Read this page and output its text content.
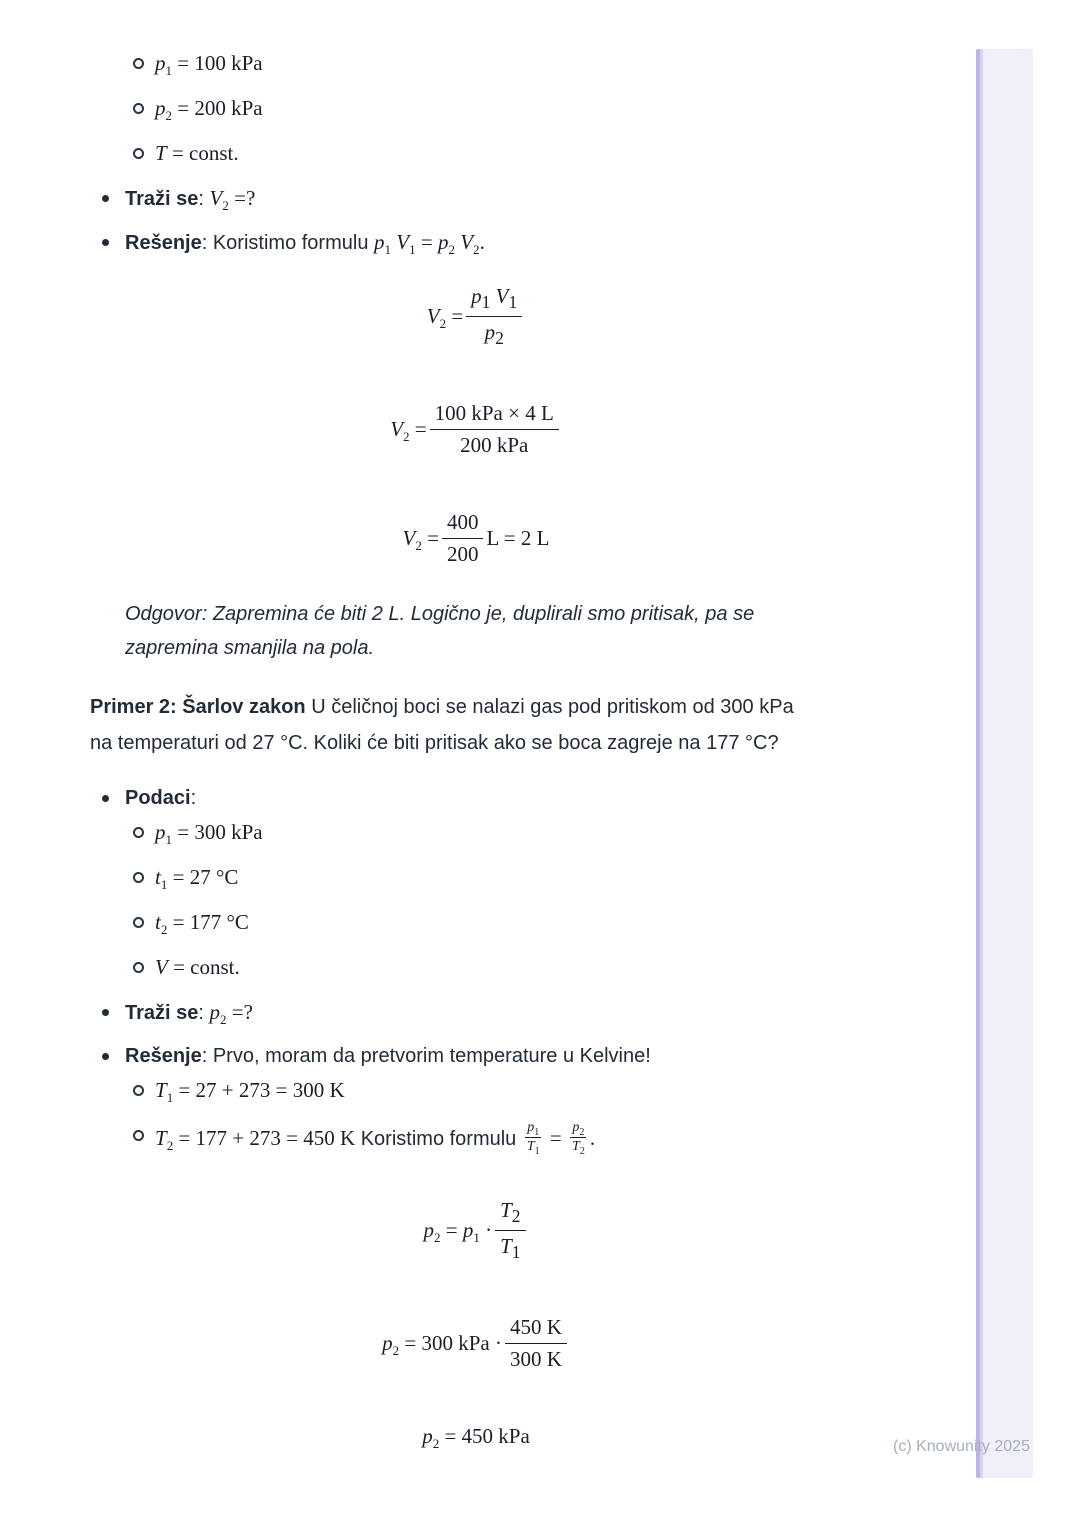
(c) Knowunity 2025
$p_1 = 100$ kPa
$p_2 = 200$ kPa
T = const.
Traži se: $V_2$ =?
Rešenje: Koristimo formulu $p_1$ $V_1 = p_2$ $V_2$.
$V_2 = \frac{p_1 V_1}{p_2}$
$V_2 = \frac{\text{100 kPa × 4 L}}{\text{200 kPa}}$
$V_2 = \frac{400}{200}$ L = 2 L
Odgovor: Zapremina će biti 2 L. Logično je, duplirali smo pritisak, pa se
zapremina smanjila na pola.
Primer 2: Šarlov zakon U čeličnoj boci se nalazi gas pod pritiskom od 300 kPa
na temperaturi od 27 °C. Koliki će biti pritisak ako se boca zagreje na 177 °C?
Podaci:
$p_1 = 300$ kPa
$t_1 = 27$ °C
$t_2 = 177$ °C
V = const.
Traži se: $p_2$ =?
Rešenje: Prvo, moram da pretvorim temperature u Kelvine!
$T_1 = 27 + 273 = 300$ K
$T_2 = 177 + 273 = 450$ K Koristimo formulu $\frac{p_1}{T_1} = \frac{p_2}{T_2}$ .
$p_2 = p_1 \cdot \frac{T_2}{T_1}$
$p_2 = 300$ kPa · $\frac{450 K}{300 K}$
$p_2 = 450$ kPa
